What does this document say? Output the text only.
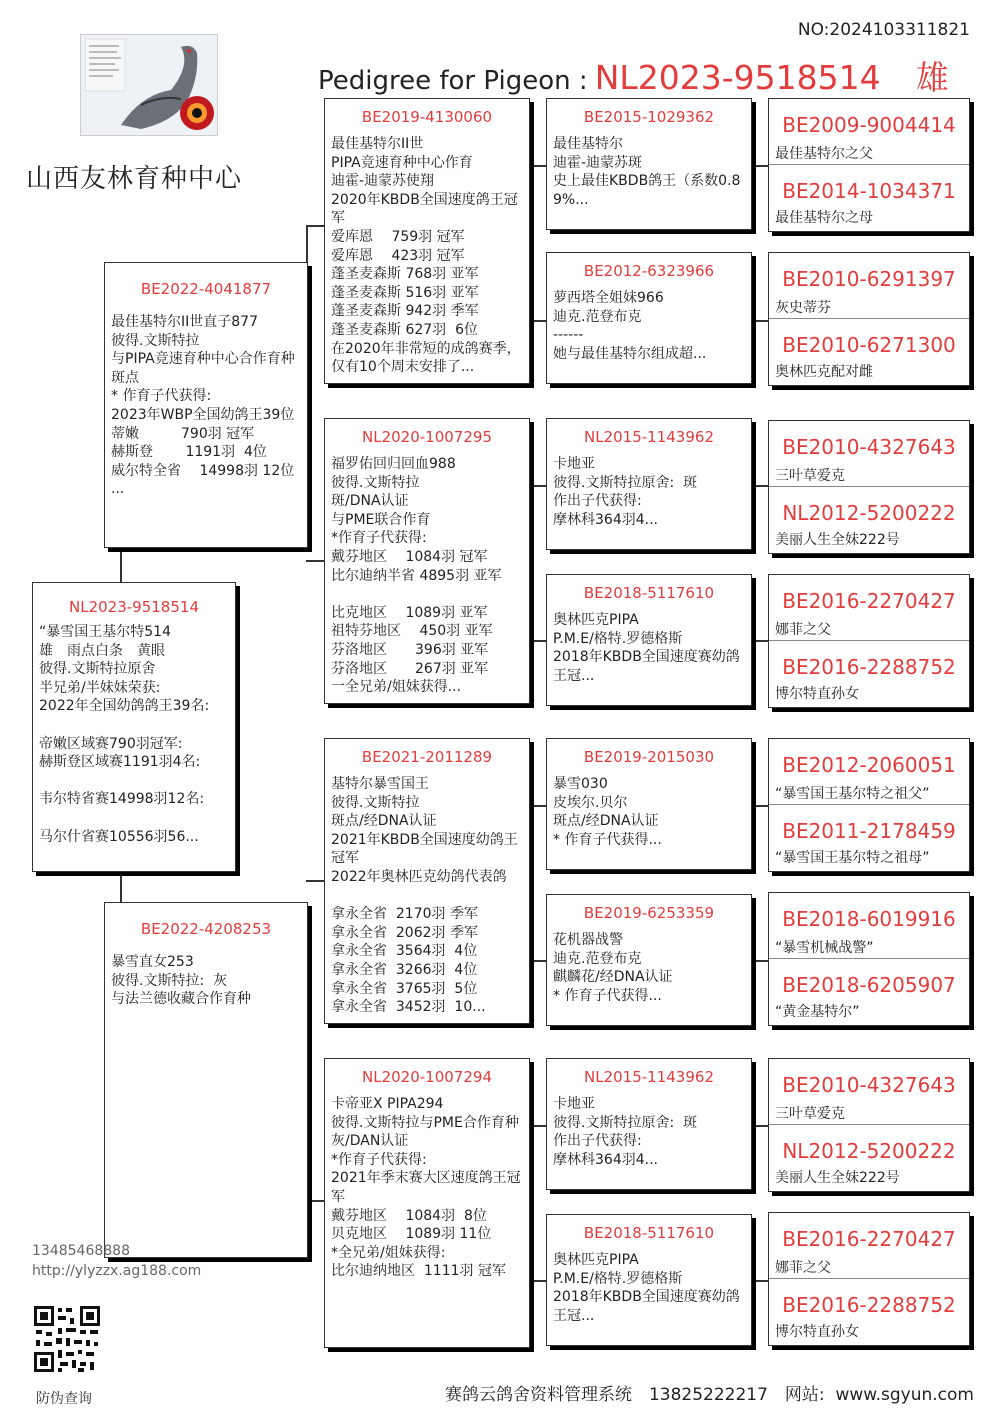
NO:2024103311821
山西友林育种中心
Pedigree for Pigeon : NL2023-9518514 雄
NL2023-9518514
“暴雪国王基尔特514
雄　雨点白条　黄眼
彼得.文斯特拉原舍
半兄弟/半妹妹荣获:
2022年全国幼鸽鸽王39名:

帝嫩区域赛790羽冠军:
赫斯登区域赛1191羽4名:

韦尔特省赛14998羽12名:

马尔什省赛10556羽56...
BE2022-4041877
最佳基特尔II世直子877
彼得.文斯特拉
与PIPA竞速育种中心合作育种
斑点
* 作育子代获得:
2023年WBP全国幼鸽王39位
蒂嫩　　　790羽 冠军
赫斯登　　 1191羽  4位
威尔特全省　 14998羽 12位
...
BE2022-4208253
暴雪直女253
彼得.文斯特拉:  灰
与法兰德收藏合作育种
BE2019-4130060
最佳基特尔II世
PIPA竞速育种中心作育
迪霍-迪蒙苏使翔
2020年KBDB全国速度鸽王冠军
爱库恩　 759羽 冠军
爱库恩　 423羽 冠军
蓬圣麦森斯 768羽 亚军
蓬圣麦森斯 516羽 亚军
蓬圣麦森斯 942羽 季军
蓬圣麦森斯 627羽  6位
在2020年非常短的成鸽赛季，仅有10个周末安排了...
NL2020-1007295
福罗佑回归回血988
彼得.文斯特拉
斑/DNA认证
与PME联合作育
*作育子代获得:
戴芬地区　 1084羽 冠军
比尔迪纳半省 4895羽 亚军

比克地区　 1089羽 亚军
祖特芬地区　 450羽 亚军
芬洛地区　　396羽 亚军
芬洛地区　　267羽 亚军
一全兄弟/姐妹获得...
BE2021-2011289
基特尔暴雪国王
彼得.文斯特拉
斑点/经DNA认证
2021年KBDB全国速度幼鸽王冠军
2022年奥林匹克幼鸽代表鸽

拿永全省  2170羽 季军
拿永全省  2062羽 季军
拿永全省  3564羽  4位
拿永全省  3266羽  4位
拿永全省  3765羽  5位
拿永全省  3452羽  10...
NL2020-1007294
卡帝亚X PIPA294
彼得.文斯特拉与PME合作育种
灰/DAN认证
*作育子代获得:
2021年季末赛大区速度鸽王冠军
戴芬地区　 1084羽  8位
贝克地区　 1089羽 11位
*全兄弟/姐妹获得:
比尔迪纳地区  1111羽 冠军
BE2015-1029362
最佳基特尔
迪霍-迪蒙苏斑
史上最佳KBDB鸽王（系数0.89%...
BE2012-6323966
萝西塔全姐妹966
迪克.范登布克
------
她与最佳基特尔组成超...
NL2015-1143962
卡地亚
彼得.文斯特拉原舍:  斑
作出子代获得:
摩林科364羽4...
BE2018-5117610
奥林匹克PIPA
P.M.E/格特.罗德格斯
2018年KBDB全国速度赛幼鸽王冠...
BE2019-2015030
暴雪030
皮埃尔.贝尔
斑点/经DNA认证
* 作育子代获得...
BE2019-6253359
花机器战警
迪克.范登布克
麒麟花/经DNA认证
* 作育子代获得...
NL2015-1143962
卡地亚
彼得.文斯特拉原舍:  斑
作出子代获得:
摩林科364羽4...
BE2018-5117610
奥林匹克PIPA
P.M.E/格特.罗德格斯
2018年KBDB全国速度赛幼鸽王冠...
BE2009-9004414
最佳基特尔之父
BE2014-1034371
最佳基特尔之母
BE2010-6291397
灰史蒂芬
BE2010-6271300
奥林匹克配对雌
BE2010-4327643
三叶草爱克
NL2012-5200222
美丽人生全妹222号
BE2016-2270427
娜菲之父
BE2016-2288752
博尔特直孙女
BE2012-2060051
“暴雪国王基尔特之祖父”
BE2011-2178459
“暴雪国王基尔特之祖母”
BE2018-6019916
“暴雪机械战警”
BE2018-6205907
“黄金基特尔”
BE2010-4327643
三叶草爱克
NL2012-5200222
美丽人生全妹222号
BE2016-2270427
娜菲之父
BE2016-2288752
博尔特直孙女
13485468888
http://ylyzzx.ag188.com
防伪查询	赛鸽云鸽舍资料管理系统　13825222217　网站:  www.sgyun.com
